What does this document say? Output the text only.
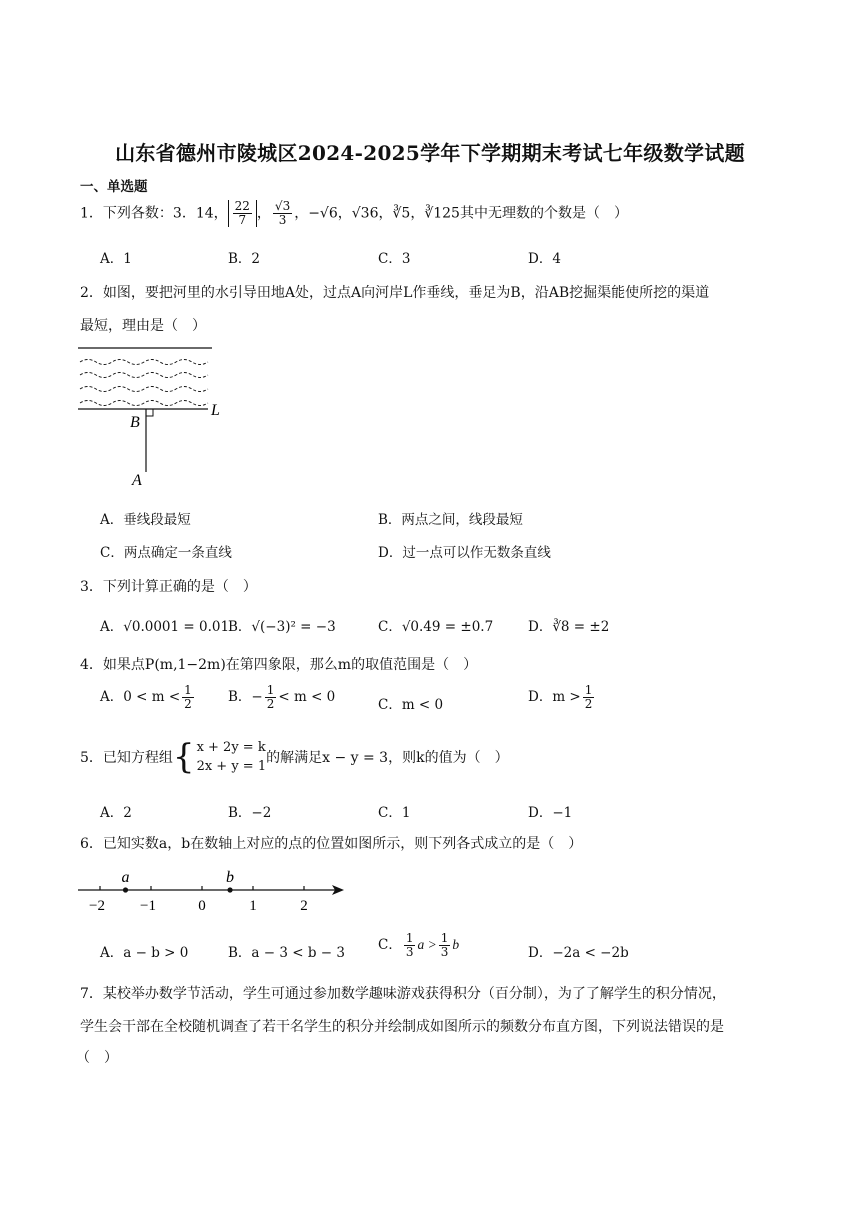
山东省德州市陵城区2024-2025学年下学期期末考试七年级数学试题
一、单选题
1．下列各数：3．14， $\frac{22}{7}$ ， $\frac{√3}{3}$ ，−√6，√36，∛5，∛125其中无理数的个数是（　）
A．1	B．2	C．3	D．4
2．如图，要把河里的水引导田地A处，过点A向河岸L作垂线，垂足为B，沿AB挖掘渠能使所挖的渠道
最短，理由是（　）
B
L
A
A．垂线段最短	B．两点之间，线段最短
C．两点确定一条直线	D．过一点可以作无数条直线
3．下列计算正确的是（　）
A．√0.0001 = 0.01
B．√(−3)² = −3	C．√0.49 = ±0.7	D．∛8 = ±2
4．如果点P(m,1−2m)在第四象限，那么m的取值范围是（　）
A．$0 < m < \frac{1}{2}$	B．− $\frac{1}{2} < m < 0$	C．m < 0	D．$m > \frac{1}{2}$
5．已知方程组{ x + 2y = k
2x + y = 1
的解满足x − y = 3，则k的值为（　）
A．2	B．−2	C．1	D．−1
6．已知实数a，b在数轴上对应的点的位置如图所示，则下列各式成立的是（　）
−2 −1	0	1	2
a	b
A．a − b > 0	B．a − 3 < b − 3 C． $\frac{1}{3}$ $a > \frac{1}{3}$ b
D．−2a < −2b
7．某校举办数学节活动，学生可通过参加数学趣味游戏获得积分（百分制），为了了解学生的积分情况，
学生会干部在全校随机调查了若干名学生的积分并绘制成如图所示的频数分布直方图，下列说法错误的是
（　）
